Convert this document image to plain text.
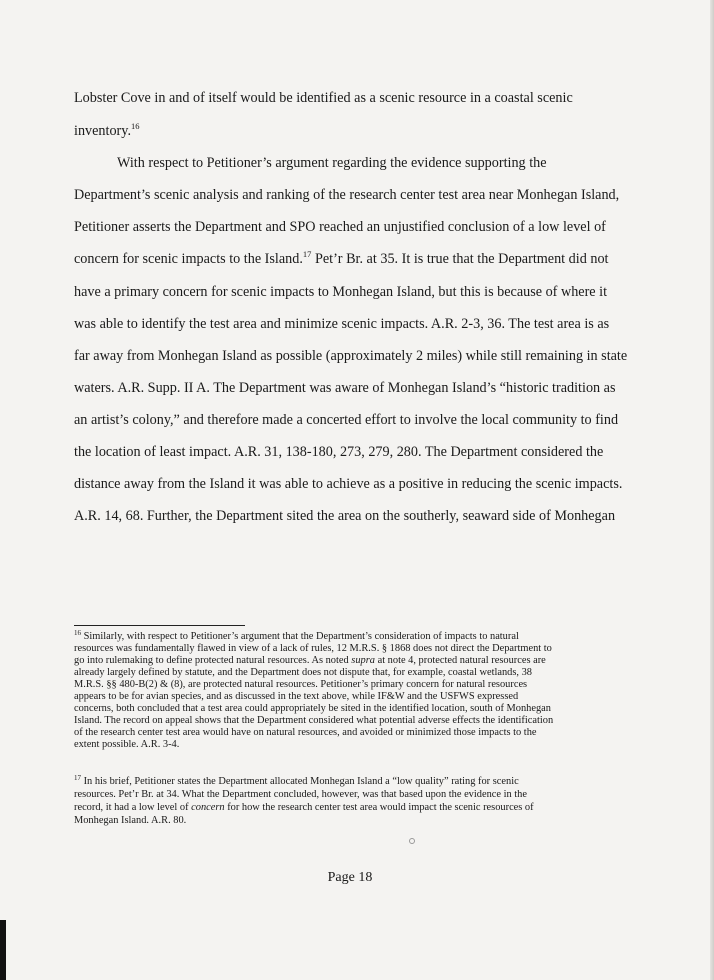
Lobster Cove in and of itself would be identified as a scenic resource in a coastal scenic
inventory.$^{16}$
With respect to Petitioner’s argument regarding the evidence supporting the
Department’s scenic analysis and ranking of the research center test area near Monhegan Island,
Petitioner asserts the Department and SPO reached an unjustified conclusion of a low level of
concern for scenic impacts to the Island.$^{17}$ Pet’r Br. at 35. It is true that the Department did not
have a primary concern for scenic impacts to Monhegan Island, but this is because of where it
was able to identify the test area and minimize scenic impacts. A.R. 2-3, 36. The test area is as
far away from Monhegan Island as possible (approximately 2 miles) while still remaining in state
waters. A.R. Supp. II A. The Department was aware of Monhegan Island’s “historic tradition as
an artist’s colony,” and therefore made a concerted effort to involve the local community to find
the location of least impact. A.R. 31, 138-180, 273, 279, 280. The Department considered the
distance away from the Island it was able to achieve as a positive in reducing the scenic impacts.
A.R. 14, 68. Further, the Department sited the area on the southerly, seaward side of Monhegan
$^{16}$ Similarly, with respect to Petitioner’s argument that the Department’s consideration of impacts to natural
resources was fundamentally flawed in view of a lack of rules, 12 M.R.S. § 1868 does not direct the Department to
go into rulemaking to define protected natural resources. As noted supra at note 4, protected natural resources are
already largely defined by statute, and the Department does not dispute that, for example, coastal wetlands, 38
M.R.S. §§ 480-B(2) & (8), are protected natural resources. Petitioner’s primary concern for natural resources
appears to be for avian species, and as discussed in the text above, while IF&W and the USFWS expressed
concerns, both concluded that a test area could appropriately be sited in the identified location, south of Monhegan
Island. The record on appeal shows that the Department considered what potential adverse effects the identification
of the research center test area would have on natural resources, and avoided or minimized those impacts to the
extent possible. A.R. 3-4.
$^{17}$ In his brief, Petitioner states the Department allocated Monhegan Island a “low quality” rating for scenic
resources. Pet’r Br. at 34. What the Department concluded, however, was that based upon the evidence in the
record, it had a low level of concern for how the research center test area would impact the scenic resources of
Monhegan Island. A.R. 80.
Page 18
